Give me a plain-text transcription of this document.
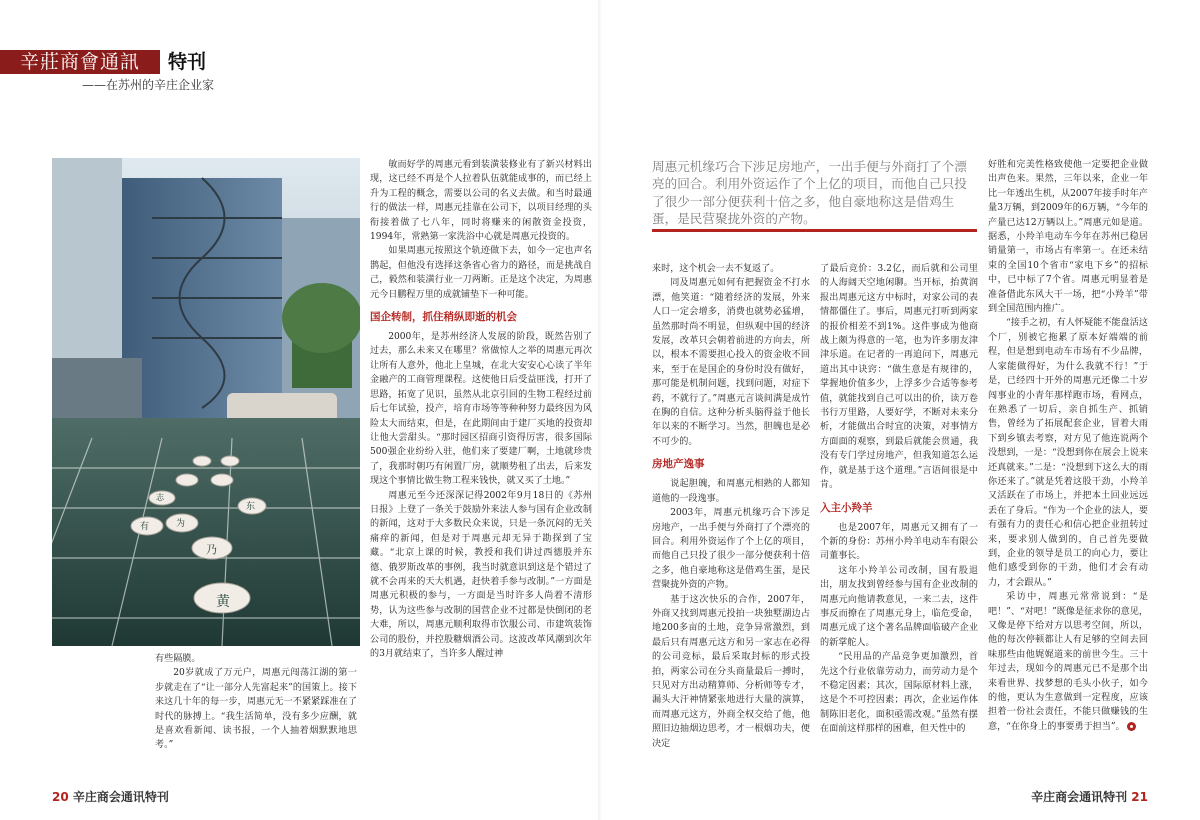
辛莊商會通訊 特刊
——在苏州的辛庄企业家
黄
乃
东
有	为
志

敏而好学的周惠元看到装潢装修业有了新兴材料出现，这已经不再是个人拉着队伍就能成事的，而已经上升为工程的概念，需要以公司的名义去做。和当时最通行的做法一样，周惠元挂靠在公司下，以项目经理的头衔接着做了七八年，同时将赚来的闲散资金投资，1994年，常熟第一家洗浴中心就是周惠元投资的。

如果周惠元按照这个轨迹做下去，如今一定也声名鹊起，但他没有选择这条省心省力的路径，而是挑战自己，毅然和装潢行业一刀两断。正是这个决定，为周惠元今日鹏程万里的成就铺垫下一种可能。

国企转制，抓住稍纵即逝的机会

2000年，是苏州经济人发展的阶段，既然告别了过去，那么未来又在哪里？常做惊人之举的周惠元再次让所有人意外，他北上皇城，在北大安安心心读了半年金融产的工商管理课程。这使他日后受益匪浅，打开了思路，拓宽了见识，虽然从北京引回的生物工程经过前后七年试验，投产，培育市场等等种种努力最终因为风险太大而结束，但是，在此期间由于建厂买地的投资却让他大尝甜头。“那时园区招商引资得厉害，很多国际500强企业纷纷入驻，他们来了要建厂啊，土地就珍贵了，我那时朝巧有闲置厂房，就顺势租了出去，后来发现这个事情比做生物工程来钱快，就又买了土地。”

周惠元至今还深深记得2002年9月18日的《苏州日报》上登了一条关于鼓励外来法人参与国有企业改制的新闻，这对于大多数民众来说，只是一条沉闷的无关痛痒的新闻，但是对于周惠元却无异于勘探到了宝藏。“北京上课的时候，教授和我们讲过西德股并东德、俄罗斯改革的事例，我当时就意识到这是个错过了就不会再来的天大机遇，赶快着手参与改制。”一方面是周惠元积极的参与，一方面是当时许多人尚着不清形势，认为这些参与改制的国营企业不过都是快倒闭的老大难，所以，周惠元顺利取得市饮服公司、市建筑装饰公司的股份，并控股糖烟酒公司。这波改革风潮到次年的3月就结束了，当许多人醒过神

有些隔膜。

20岁就成了万元户，周惠元闯荡江湖的第一步就走在了“让一部分人先富起来”的国策上。接下来这几十年的每一步，周惠元无一不紧紧踩准在了时代的脉搏上。“我生活简单，没有多少应酬，就是喜欢看新闻、读书报，一个人抽着烟默默地思考。”

周惠元机缘巧合下涉足房地产，一出手便与外商打了个漂亮的回合。利用外资运作了个上亿的项目，而他自己只投了很少一部分便获利十倍之多，他自豪地称这是借鸡生蛋，是民营聚拢外资的产物。

来时，这个机会一去不复返了。

同及周惠元如何有把握资金不打水漂，他笑道：“随着经济的发展，外来人口一定会增多，消费也就势必猛增，虽然那时尚不明显，但纵观中国的经济发展，改革只会朝着前进的方向去，所以，根本不需要担心投入的资金收不回来，至于在是国企的身份时没有做好，那可能是机制问题，找到问题，对症下药，不就行了。”周惠元言谈间满是成竹在胸的自信。这种分析头脑得益于他长年以来的不断学习。当然，胆魄也是必不可少的。

房地产逸事

说起胆魄，和周惠元相熟的人都知道他的一段逸事。

2003年，周惠元机缘巧合下涉足房地产，一出手便与外商打了个漂亮的回合。利用外资运作了个上亿的项目，而他自己只投了很少一部分便获利十倍之多，他自豪地称这是借鸡生蛋，是民营聚拢外资的产物。

基于这次快乐的合作，2007年，外商又找到周惠元投拍一块独墅湖边占地200多亩的土地，竞争异常激烈，到最后只有周惠元这方和另一家志在必得的公司竞标，最后采取封标的形式投拍，两家公司在分头商量最后一搏时，只见对方出动精算师、分析师等专才，漏头大汗神情紧张地进行大量的演算，而周惠元这方，外商全权交给了他，他照旧边抽烟边思考，才一根烟功夫，便决定

了最后竞价：3.2亿，而后就和公司里的人海阔天空地闲聊。当开标，抬黄润报出周惠元这方中标时，对家公司的表情都僵住了。事后，周惠元打听到两家的报价相差不到1%。这件事成为他商战上颇为得意的一笔，也为许多朋友津津乐道。在记者的一再追问下，周惠元道出其中诀窍：“做生意是有规律的，掌握地价值多少，上浮多少合适等参考值，就能找到自己可以出的价，读万卷书行万里路，人要好学，不断对未来分析，才能做出合时宜的决策，对事情方方面面的观察，到最后就能会贯通，我没有专门学过房地产，但我知道怎么运作，就是基于这个道理。”言语间很是中肯。

入主小羚羊

也是2007年，周惠元又拥有了一个新的身份：苏州小羚羊电动车有限公司董事长。

这年小羚羊公司改制，国有股退出，朋友找到曾经参与国有企业改制的周惠元向他请教意见，一来二去，这件事反而撩在了周惠元身上，临危受命，周惠元成了这个著名品牌面临破产企业的新掌舵人。

“民用品的产品竞争更加激烈，首先这个行业依靠劳动力，而劳动力是个不稳定因素；其次，国际原材料上涨，这是个不可控因素；再次，企业运作体制陈旧老化，面积亟需改观。”虽然有摆在面前这样那样的困难，但天性中的

好胜和完美性格致使他一定要把企业做出声色来。果然，三年以来，企业一年比一年透出生机，从2007年接手时年产量3万辆，到2009年的6万辆，“今年的产量已达12万辆以上。”周惠元如是道。据悉，小羚羊电动车今年在苏州已稳居销量第一，市场占有率第一。在还未结束的全国10个省市“家电下乡”的招标中，已中标了7个省。周惠元明显着是准备借此东风大干一场，把“小羚羊”带到全国范围内推广。

“接手之初，有人怀疑能不能盘活这个厂，别被它拖累了原本好端端的前程，但是想到电动车市场有不少品牌，人家能做得好，为什么我就不行！”于是，已经四十开外的周惠元还像二十岁闯事业的小青年那样跑市场，看网点，在熟悉了一切后，亲自抓生产、抓销售，曾经为了拓展配套企业，冒着大雨下到乡镇去考察，对方见了他连说两个没想到，一是：“没想到你在展会上说来还真就来。”二是：“没想到下这么大的雨你还来了。”就是凭着这股干劲，小羚羊又活跃在了市场上，并把本土回业远远丢在了身后。“作为一个企业的法人，要有强有力的责任心和信心把企业扭转过来，要求别人做到的，自己首先要做到，企业的领导是员工的向心力，要让他们感受到你的干劲，他们才会有动力，才会跟从。”

采访中，周惠元常常说到：“是吧！”、“对吧！”既像是征求你的意见，又像是停下给对方以思考空间，所以，他的每次停顿都让人有足够的空间去回味那些由他娓娓道来的前世今生。三十年过去，现如今的周惠元已不是那个出来看世界、找梦想的毛头小伙子，如今的他，更认为生意做到一定程度，应该担着一份社会责任，不能只做赚钱的生意，“在你身上的事要勇于担当”。

20 辛庄商会通讯特刊	辛庄商会通讯特刊 21
